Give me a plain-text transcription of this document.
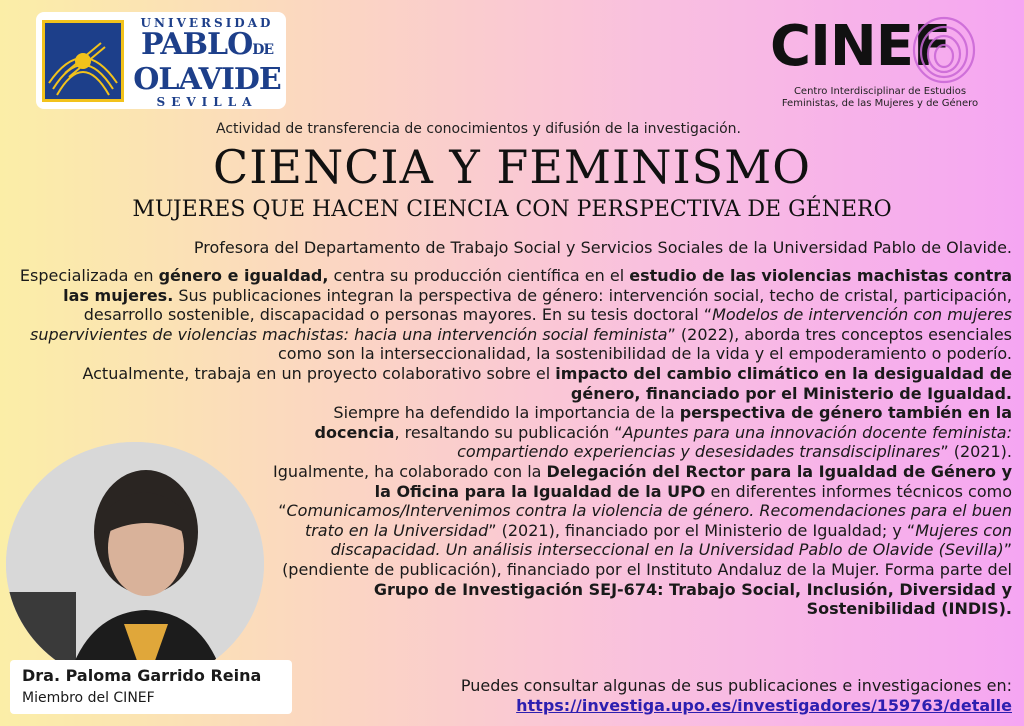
UNIVERSIDAD
PABLODE
OLAVIDE
SEVILLA
CINEF
Centro Interdisciplinar de Estudios
Feministas, de las Mujeres y de Género
Actividad de transferencia de conocimientos y difusión de la investigación.
CIENCIA Y FEMINISMO
MUJERES QUE HACEN CIENCIA CON PERSPECTIVA DE GÉNERO

Profesora del Departamento de Trabajo Social y Servicios Sociales de la Universidad Pablo de Olavide.

Especializada en género e igualdad, centra su producción científica en el estudio de las violencias machistas contra las mujeres. Sus publicaciones integran la perspectiva de género: intervención social, techo de cristal, participación, desarrollo sostenible, discapacidad o personas mayores. En su tesis doctoral “Modelos de intervención con mujeres supervivientes de violencias machistas: hacia una intervención social feminista” (2022), aborda tres conceptos esenciales como son la interseccionalidad, la sostenibilidad de la vida y el empoderamiento o poderío.

Actualmente, trabaja en un proyecto colaborativo sobre el impacto del cambio climático en la desigualdad de género, financiado por el Ministerio de Igualdad.

Siempre ha defendido la importancia de la perspectiva de género también en la docencia, resaltando su publicación “Apuntes para una innovación docente feminista: compartiendo experiencias y desesidades transdisciplinares” (2021).

Igualmente, ha colaborado con la Delegación del Rector para la Igualdad de Género y la Oficina para la Igualdad de la UPO en diferentes informes técnicos como “Comunicamos/Intervenimos contra la violencia de género. Recomendaciones para el buen trato en la Universidad” (2021), financiado por el Ministerio de Igualdad; y “Mujeres con discapacidad. Un análisis interseccional en la Universidad Pablo de Olavide (Sevilla)” (pendiente de publicación), financiado por el Instituto Andaluz de la Mujer. Forma parte del Grupo de Investigación SEJ-674: Trabajo Social, Inclusión, Diversidad y Sostenibilidad (INDIS).

Dra. Paloma Garrido Reina
Miembro del CINEF
Puedes consultar algunas de sus publicaciones e investigaciones en:
https://investiga.upo.es/investigadores/159763/detalle
